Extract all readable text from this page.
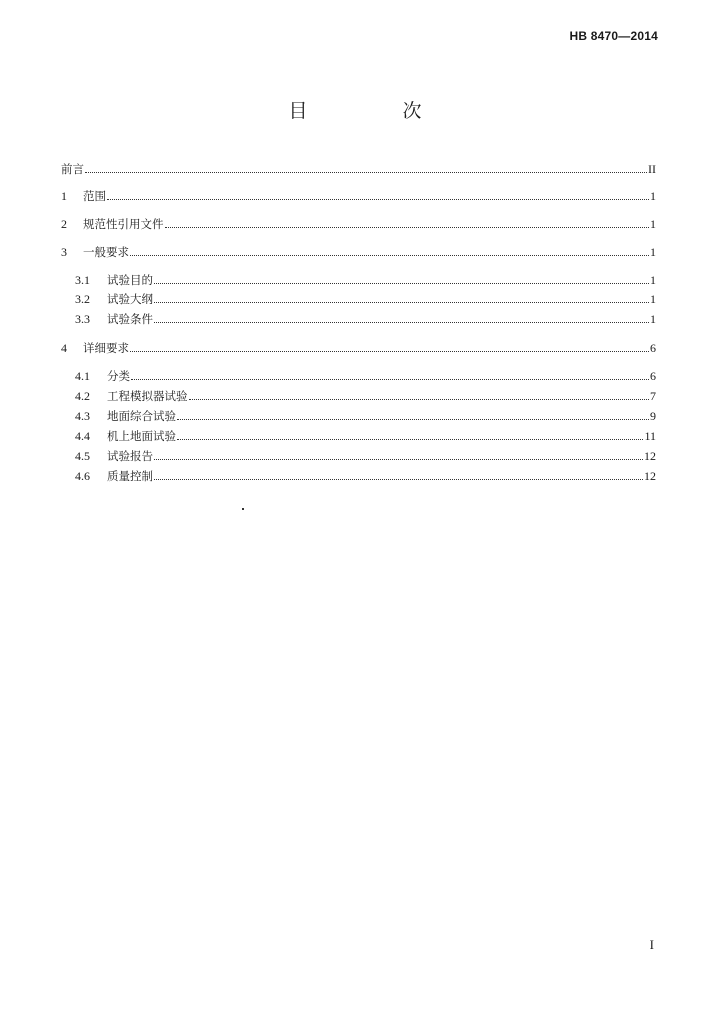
HB 8470—2014
目　次
前言	II
1	范围	1
2	规范性引用文件	1
3	一般要求	1
3.1	试验目的	1
3.2	试验大纲	1
3.3	试验条件	1
4	详细要求	6
4.1	分类	6
4.2	工程模拟器试验	7
4.3	地面综合试验	9
4.4	机上地面试验	11
4.5	试验报告	12
4.6	质量控制	12
I
